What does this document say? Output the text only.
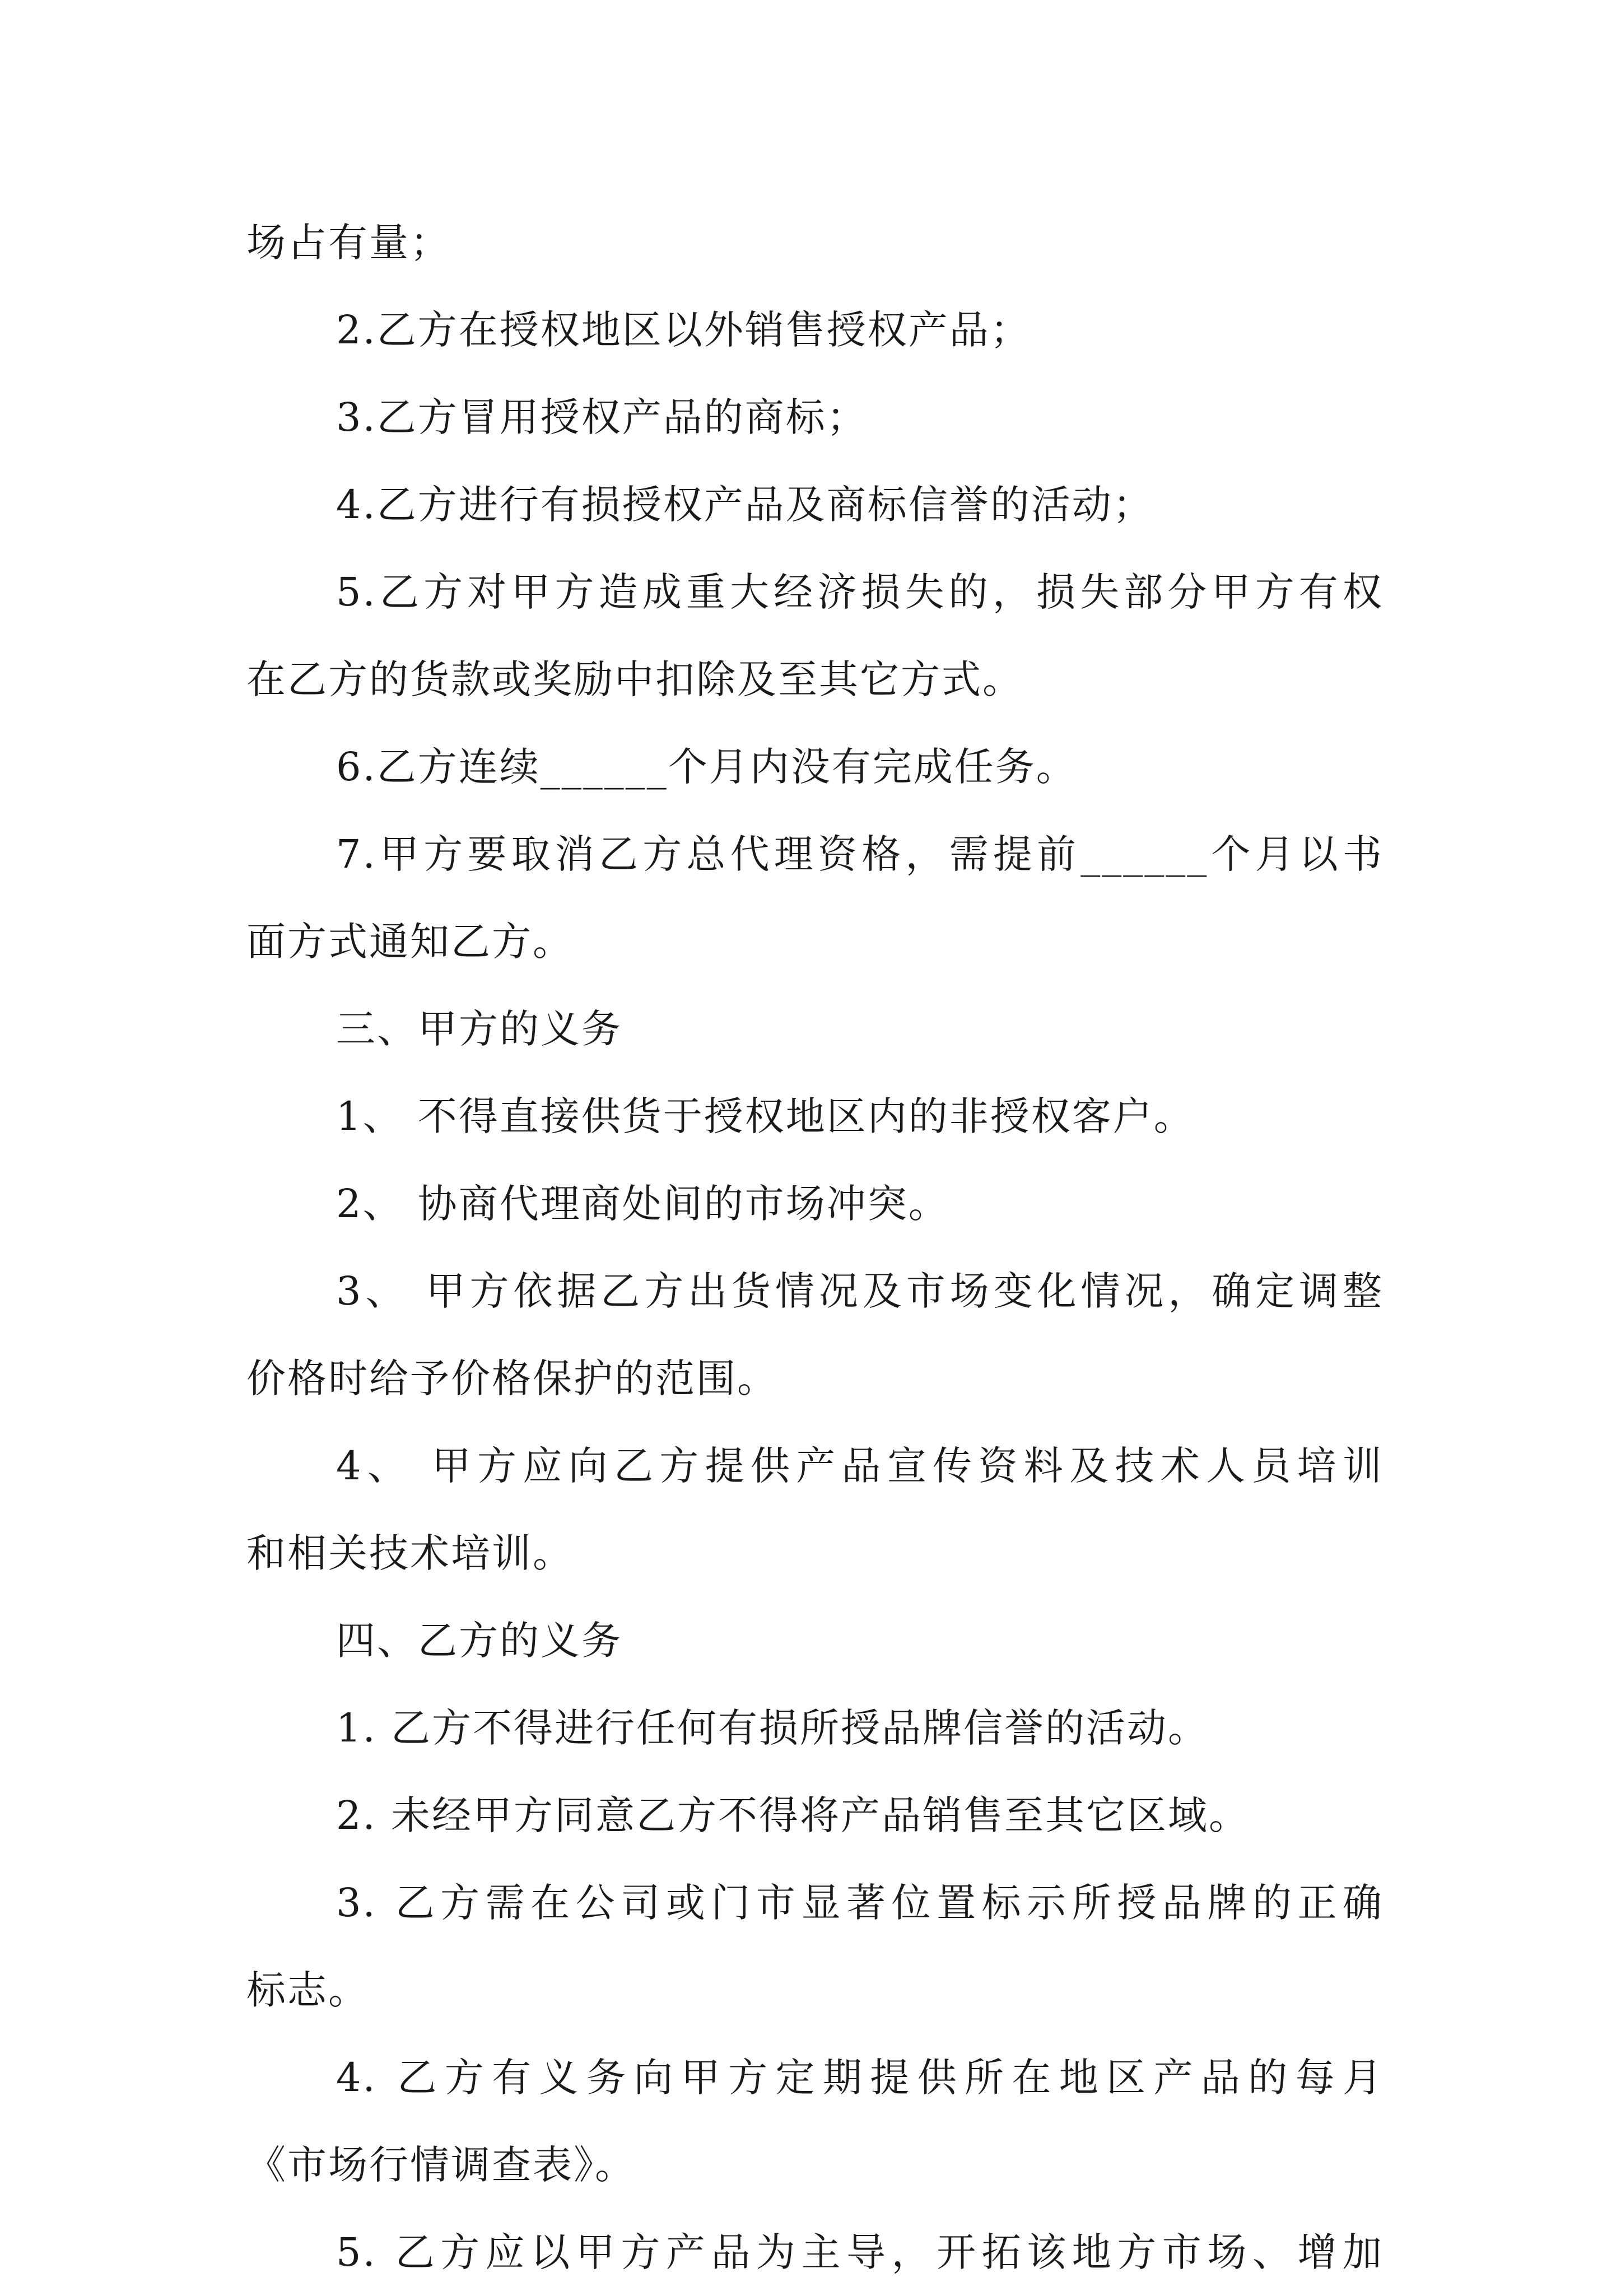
场占有量；
2.乙方在授权地区以外销售授权产品；
3.乙方冒用授权产品的商标；
4.乙方进行有损授权产品及商标信誉的活动；
5.乙方对甲方造成重大经济损失的，损失部分甲方有权
在乙方的货款或奖励中扣除及至其它方式。
6.乙方连续______个月内没有完成任务。
7.甲方要取消乙方总代理资格，需提前______个月以书
面方式通知乙方。
三、甲方的义务
1、 不得直接供货于授权地区内的非授权客户。
2、 协商代理商处间的市场冲突。
3、 甲方依据乙方出货情况及市场变化情况，确定调整
价格时给予价格保护的范围。
4、 甲方应向乙方提供产品宣传资料及技术人员培训
和相关技术培训。
四、乙方的义务
1. 乙方不得进行任何有损所授品牌信誉的活动。
2. 未经甲方同意乙方不得将产品销售至其它区域。
3. 乙方需在公司或门市显著位置标示所授品牌的正确
标志。
4. 乙方有义务向甲方定期提供所在地区产品的每月
《市场行情调查表》。
5. 乙方应以甲方产品为主导，开拓该地方市场、增加
